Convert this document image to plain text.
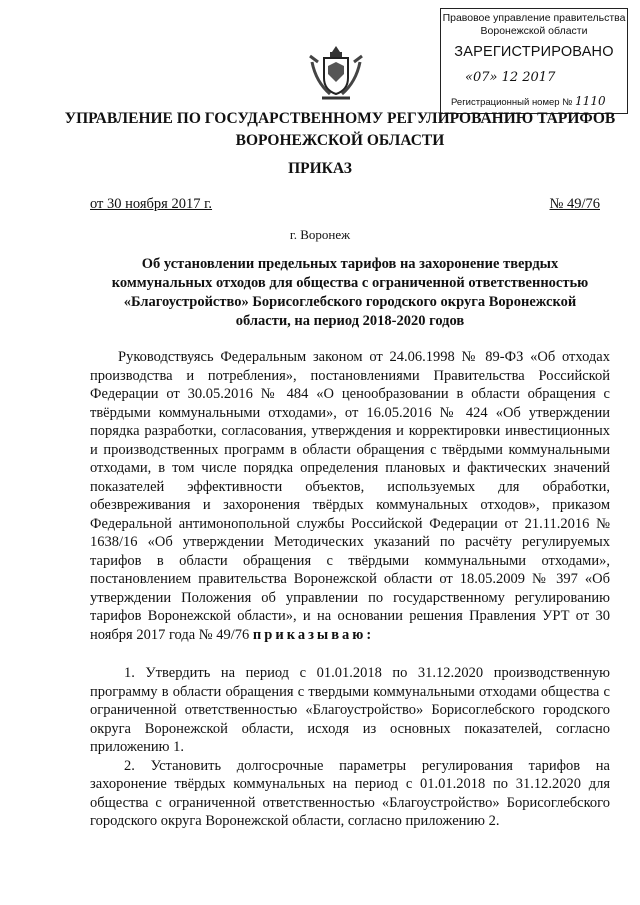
Правовое управление правительства Воронежской области
ЗАРЕГИСТРИРОВАНО
«07» 12 2017
Регистрационный номер № 1110
УПРАВЛЕНИЕ ПО ГОСУДАРСТВЕННОМУ РЕГУЛИРОВАНИЮ ТАРИФОВ ВОРОНЕЖСКОЙ ОБЛАСТИ
ПРИКАЗ
от 30 ноября 2017 г.	№ 49/76
г. Воронеж
Об установлении предельных тарифов на захоронение твердых коммунальных отходов для общества с ограниченной ответственностью «Благоустройство» Борисоглебского городского округа Воронежской области, на период 2018-2020 годов

Руководствуясь Федеральным законом от 24.06.1998 № 89-ФЗ «Об отходах производства и потребления», постановлениями Правительства Российской Федерации от 30.05.2016 № 484 «О ценообразовании в области обращения с твёрдыми коммунальными отходами», от 16.05.2016 № 424 «Об утверждении порядка разработки, согласования, утверждения и корректировки инвестиционных и производственных программ в области обращения с твёрдыми коммунальными отходами, в том числе порядка определения плановых и фактических значений показателей эффективности объектов, используемых для обработки, обезвреживания и захоронения твёрдых коммунальных отходов», приказом Федеральной антимонопольной службы Российской Федерации от 21.11.2016 № 1638/16 «Об утверждении Методических указаний по расчёту регулируемых тарифов в области обращения с твёрдыми коммунальными отходами», постановлением правительства Воронежской области от 18.05.2009 № 397 «Об утверждении Положения об управлении по государственному регулированию тарифов Воронежской области», и на основании решения Правления УРТ от 30 ноября 2017 года № 49/76 приказываю:

1. Утвердить на период с 01.01.2018 по 31.12.2020 производственную программу в области обращения с твердыми коммунальными отходами общества с ограниченной ответственностью «Благоустройство» Борисоглебского городского округа Воронежской области, исходя из основных показателей, согласно приложению 1.

2. Установить долгосрочные параметры регулирования тарифов на захоронение твёрдых коммунальных на период с 01.01.2018 по 31.12.2020 для общества с ограниченной ответственностью «Благоустройство» Борисоглебского городского округа Воронежской области, согласно приложению 2.
